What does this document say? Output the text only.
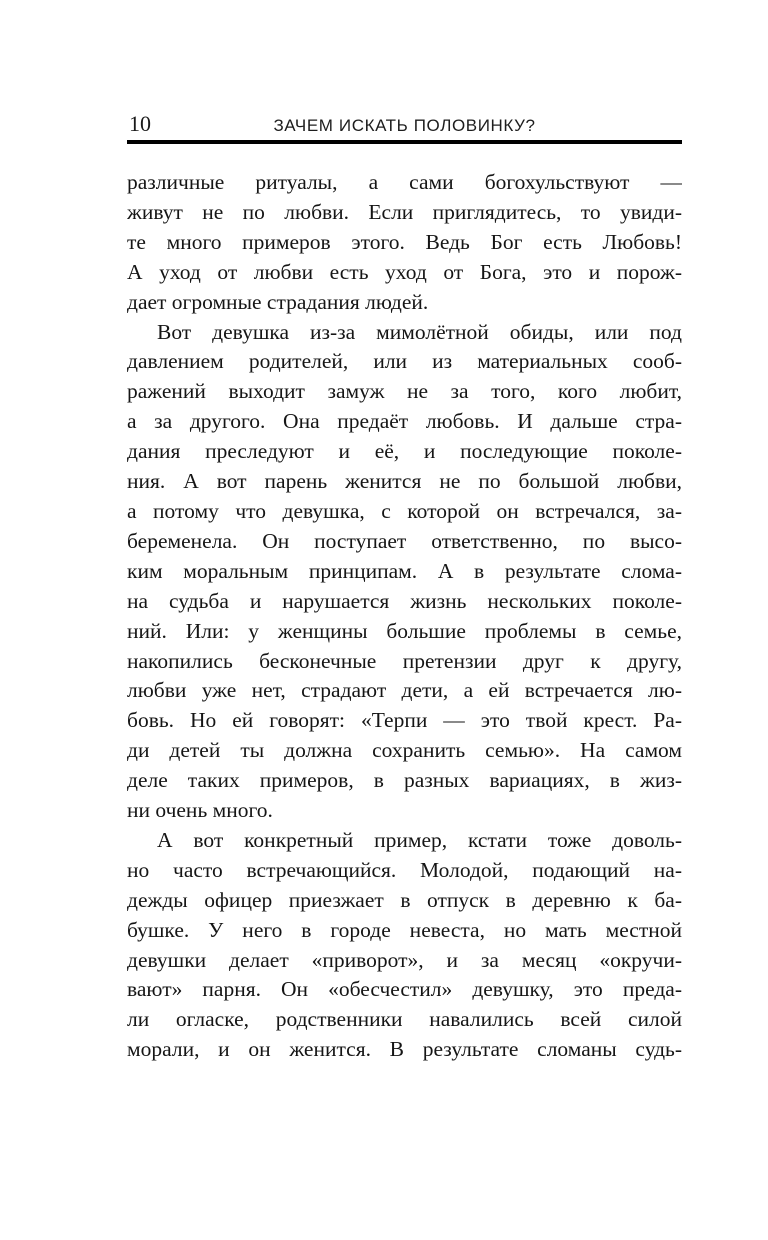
10	ЗАЧЕМ ИСКАТЬ ПОЛОВИНКУ?
различные ритуалы, а сами богохульствуют —
живут не по любви. Если приглядитесь, то увиди-
те много примеров этого. Ведь Бог есть Любовь!
А уход от любви есть уход от Бога, это и порож-
дает огромные страдания людей.
Вот девушка из-за мимолётной обиды, или под
давлением родителей, или из материальных сооб-
ражений выходит замуж не за того, кого любит,
а за другого. Она предаёт любовь. И дальше стра-
дания преследуют и её, и последующие поколе-
ния. А вот парень женится не по большой любви,
а потому что девушка, с которой он встречался, за-
беременела. Он поступает ответственно, по высо-
ким моральным принципам. А в результате слома-
на судьба и нарушается жизнь нескольких поколе-
ний. Или: у женщины большие проблемы в семье,
накопились бесконечные претензии друг к другу,
любви уже нет, страдают дети, а ей встречается лю-
бовь. Но ей говорят: «Терпи — это твой крест. Ра-
ди детей ты должна сохранить семью». На самом
деле таких примеров, в разных вариациях, в жиз-
ни очень много.
А вот конкретный пример, кстати тоже доволь-
но часто встречающийся. Молодой, подающий на-
дежды офицер приезжает в отпуск в деревню к ба-
бушке. У него в городе невеста, но мать местной
девушки делает «приворот», и за месяц «окручи-
вают» парня. Он «обесчестил» девушку, это преда-
ли огласке, родственники навалились всей силой
морали, и он женится. В результате сломаны судь-
